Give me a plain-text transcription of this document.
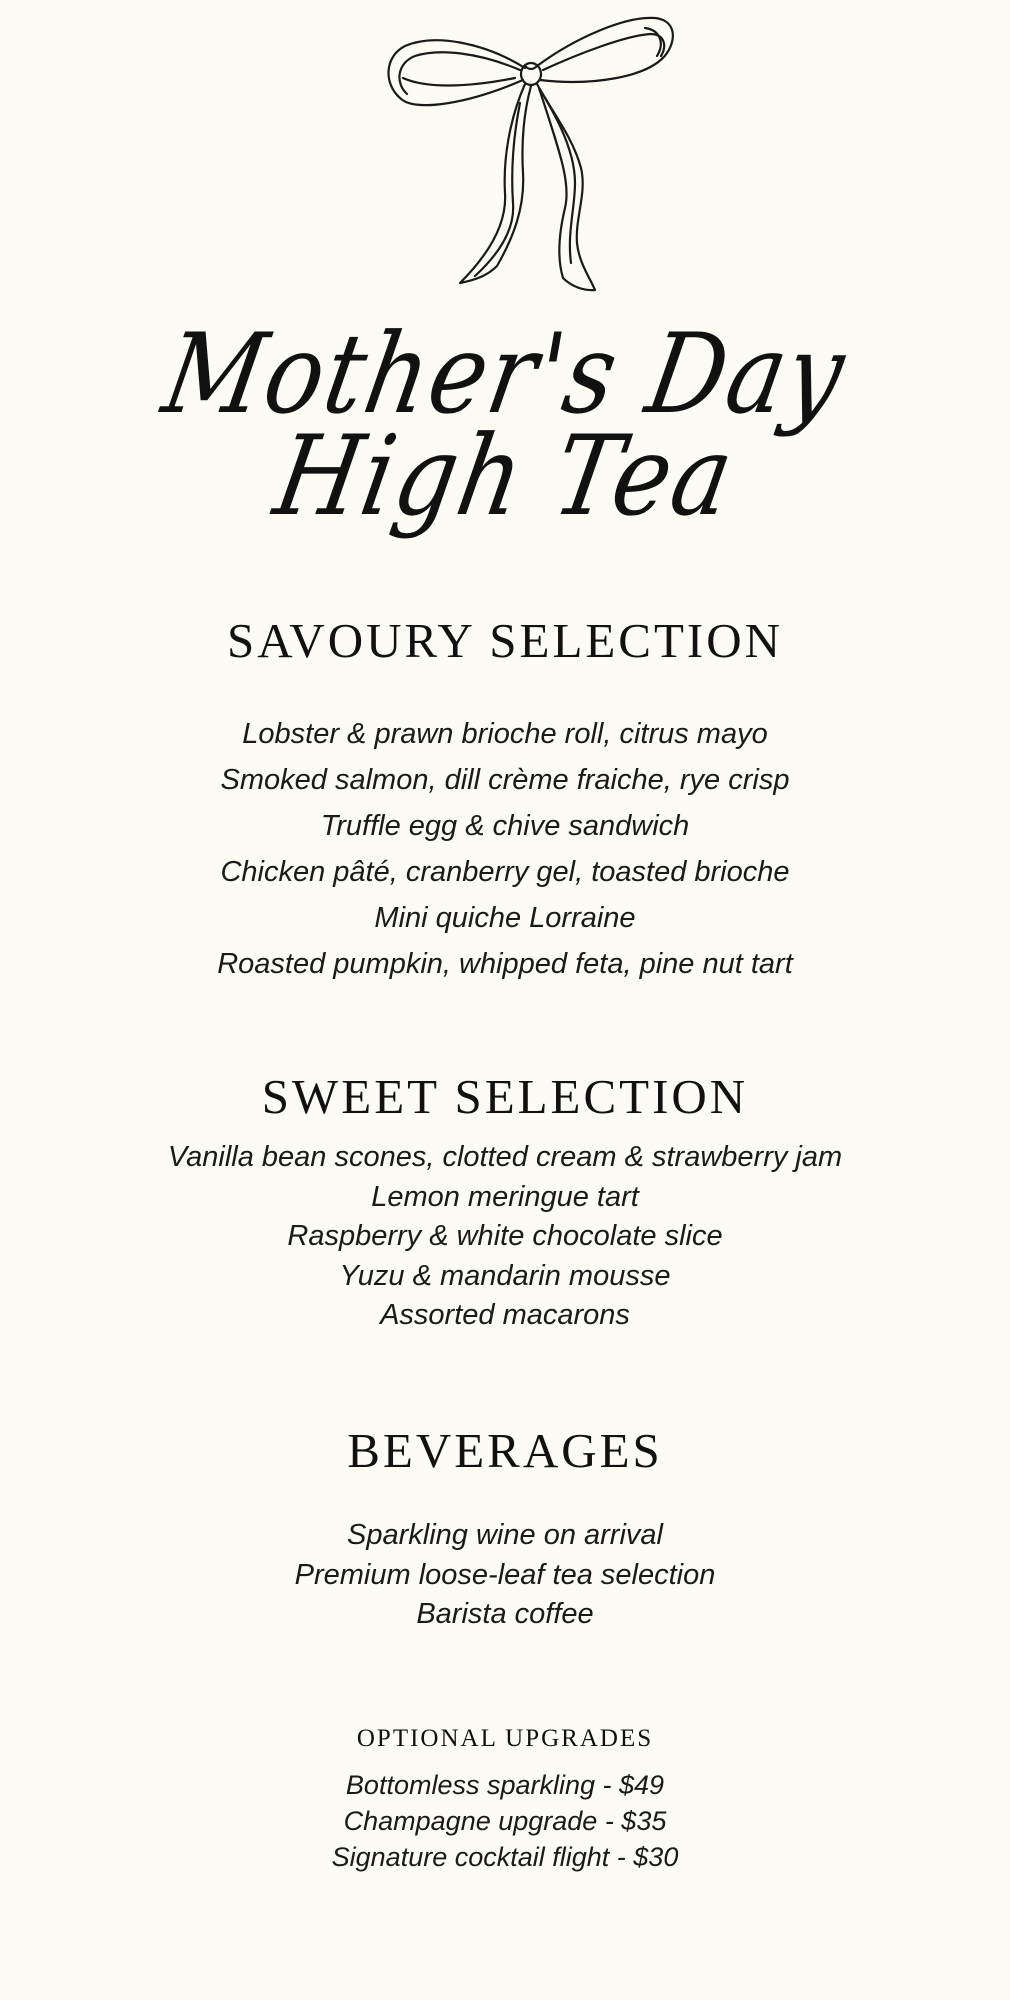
Mother's Day
High Tea
SAVOURY SELECTION
Lobster & prawn brioche roll, citrus mayo
Smoked salmon, dill crème fraiche, rye crisp
Truffle egg & chive sandwich
Chicken pâté, cranberry gel, toasted brioche
Mini quiche Lorraine
Roasted pumpkin, whipped feta, pine nut tart
SWEET SELECTION
Vanilla bean scones, clotted cream & strawberry jam
Lemon meringue tart
Raspberry & white chocolate slice
Yuzu & mandarin mousse
Assorted macarons
BEVERAGES
Sparkling wine on arrival
Premium loose-leaf tea selection
Barista coffee
OPTIONAL UPGRADES
Bottomless sparkling - $49
Champagne upgrade - $35
Signature cocktail flight - $30
